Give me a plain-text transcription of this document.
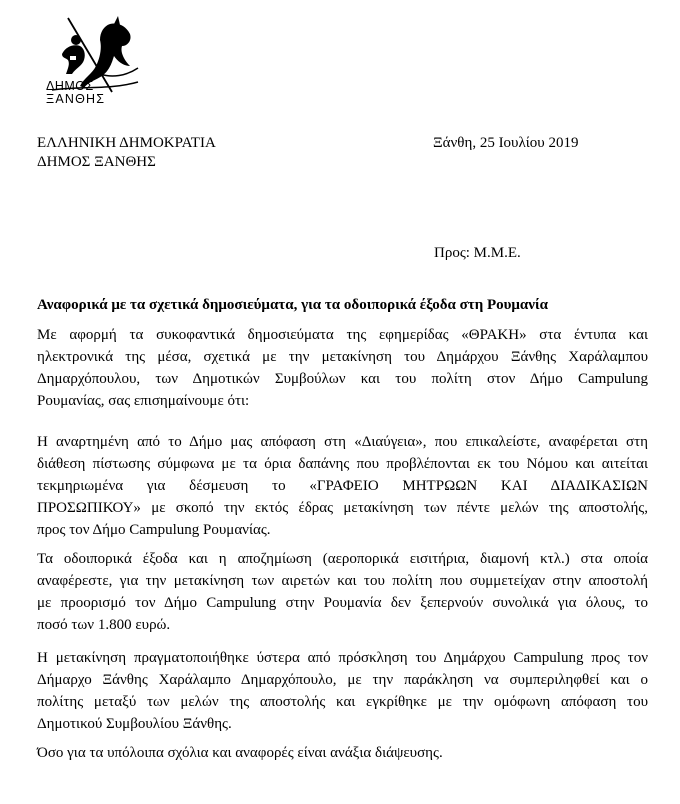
ΔΗΜΟΣ
ΞΑΝΘΗΣ
ΕΛΛΗΝΙΚΗ ΔΗΜΟΚΡΑΤΙΑ
ΔΗΜΟΣ ΞΑΝΘΗΣ
Ξάνθη, 25 Ιουλίου 2019
Προς: Μ.Μ.Ε.
Αναφορικά με τα σχετικά δημοσιεύματα, για τα οδοιπορικά έξοδα στη Ρουμανία

Με αφορμή τα συκοφαντικά δημοσιεύματα της εφημερίδας «ΘΡΑΚΗ» στα έντυπα και
ηλεκτρονικά της μέσα, σχετικά με την μετακίνηση του Δημάρχου Ξάνθης Χαράλαμπου
Δημαρχόπουλου, των Δημοτικών Συμβούλων και του πολίτη στον Δήμο Campulung
Ρουμανίας, σας επισημαίνουμε ότι:

Η αναρτημένη από το Δήμο μας απόφαση στη «Διαύγεια», που επικαλείστε, αναφέρεται στη
διάθεση πίστωσης σύμφωνα με τα όρια δαπάνης που προβλέπονται εκ του Νόμου και αιτείται
τεκμηριωμένα για δέσμευση το «ΓΡΑΦΕΙΟ ΜΗΤΡΩΩΝ ΚΑΙ ΔΙΑΔΙΚΑΣΙΩΝ
ΠΡΟΣΩΠΙΚΟΥ» με σκοπό την εκτός έδρας μετακίνηση των πέντε μελών της αποστολής,
προς τον Δήμο Campulung Ρουμανίας.

Τα οδοιπορικά έξοδα και η αποζημίωση (αεροπορικά εισιτήρια, διαμονή κτλ.) στα οποία
αναφέρεστε, για την μετακίνηση των αιρετών και του πολίτη που συμμετείχαν στην αποστολή
με προορισμό τον Δήμο Campulung στην Ρουμανία δεν ξεπερνούν συνολικά για όλους, το
ποσό των 1.800 ευρώ.

Η μετακίνηση πραγματοποιήθηκε ύστερα από πρόσκληση του Δημάρχου Campulung προς τον
Δήμαρχο Ξάνθης Χαράλαμπο Δημαρχόπουλο, με την παράκληση να συμπεριληφθεί και ο
πολίτης μεταξύ των μελών της αποστολής και εγκρίθηκε με την ομόφωνη απόφαση του
Δημοτικού Συμβουλίου Ξάνθης.

Όσο για τα υπόλοιπα σχόλια και αναφορές είναι ανάξια διάψευσης.
